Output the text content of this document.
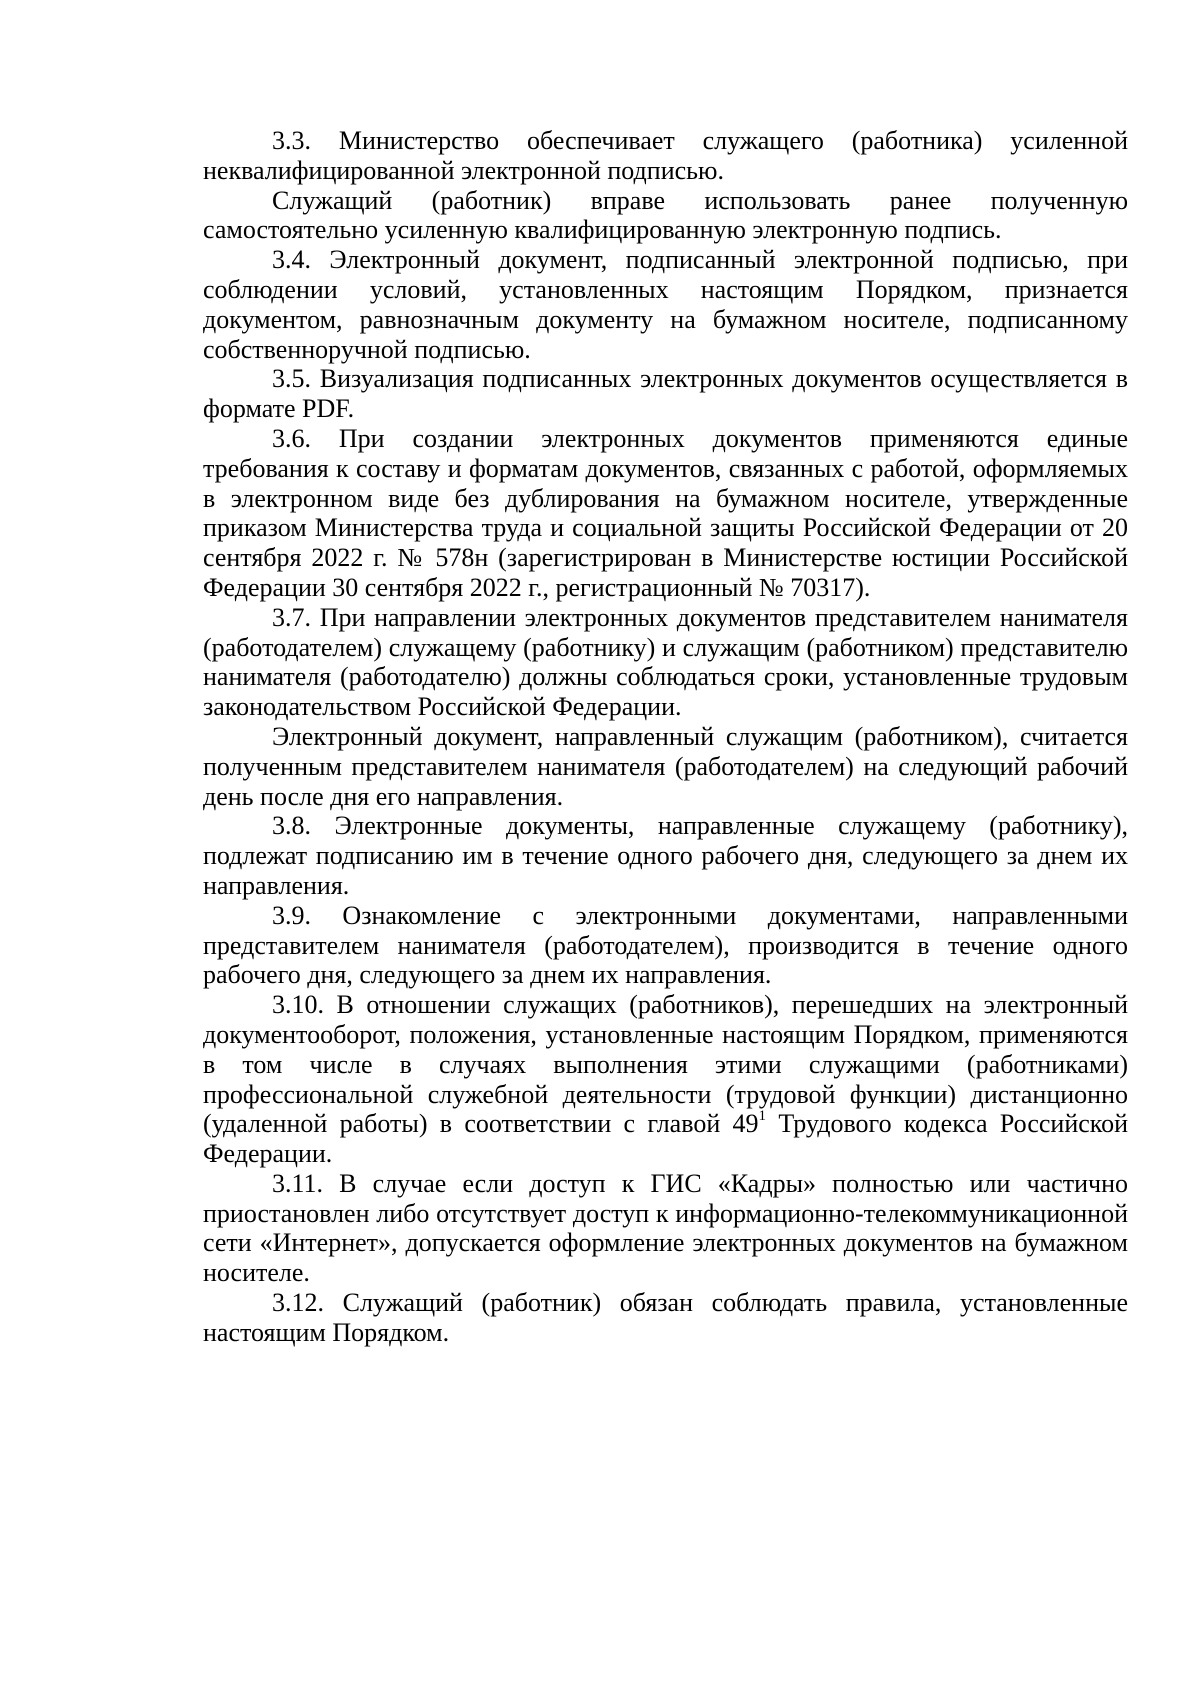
3.3. Министерство обеспечивает служащего (работника) усиленной неквалифицированной электронной подписью.

Служащий (работник) вправе использовать ранее полученную самостоятельно усиленную квалифицированную электронную подпись.

3.4. Электронный документ, подписанный электронной подписью, при соблюдении условий, установленных настоящим Порядком, признается документом, равнозначным документу на бумажном носителе, подписанному собственноручной подписью.

3.5. Визуализация подписанных электронных документов осуществляется в формате PDF.

3.6. При создании электронных документов применяются единые требования к составу и форматам документов, связанных с работой, оформляемых в электронном виде без дублирования на бумажном носителе, утвержденные приказом Министерства труда и социальной защиты Российской Федерации от 20 сентября 2022 г. № 578н (зарегистрирован в Министерстве юстиции Российской Федерации 30 сентября 2022 г., регистрационный № 70317).

3.7. При направлении электронных документов представителем нанимателя (работодателем) служащему (работнику) и служащим (работником) представителю нанимателя (работодателю) должны соблюдаться сроки, установленные трудовым законодательством Российской Федерации.

Электронный документ, направленный служащим (работником), считается полученным представителем нанимателя (работодателем) на следующий рабочий день после дня его направления.

3.8. Электронные документы, направленные служащему (работнику), подлежат подписанию им в течение одного рабочего дня, следующего за днем их направления.

3.9. Ознакомление с электронными документами, направленными представителем нанимателя (работодателем), производится в течение одного рабочего дня, следующего за днем их направления.

3.10. В отношении служащих (работников), перешедших на электронный документооборот, положения, установленные настоящим Порядком, применяются в том числе в случаях выполнения этими служащими (работниками) профессиональной служебной деятельности (трудовой функции) дистанционно (удаленной работы) в соответствии с главой $49^1$ Трудового кодекса Российской Федерации.

3.11. В случае если доступ к ГИС «Кадры» полностью или частично приостановлен либо отсутствует доступ к информационно-телекоммуникационной сети «Интернет», допускается оформление электронных документов на бумажном носителе.

3.12. Служащий (работник) обязан соблюдать правила, установленные настоящим Порядком.
